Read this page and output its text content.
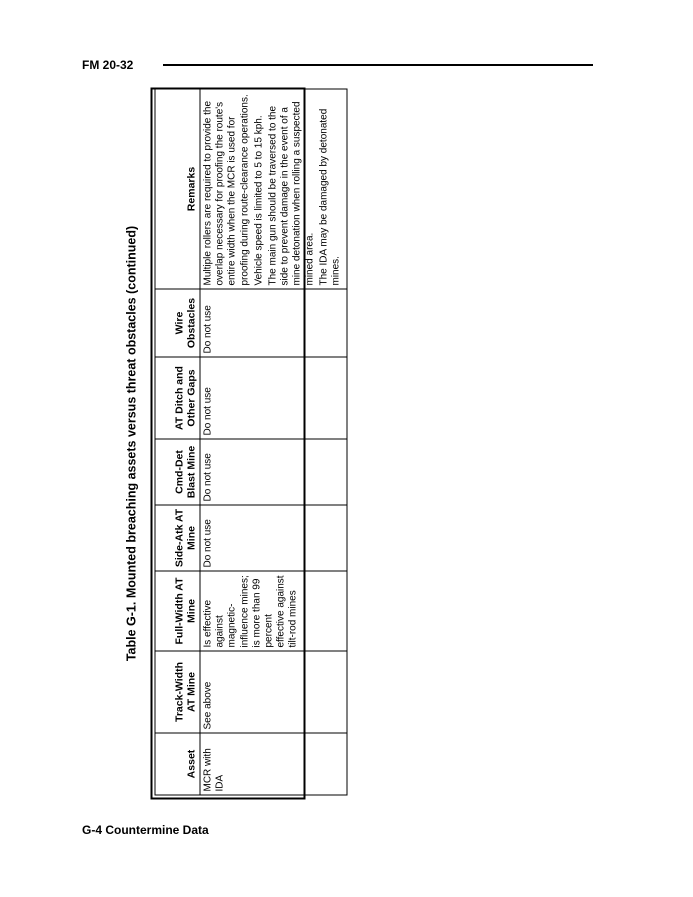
FM 20-32
Table G-1. Mounted breaching assets versus threat obstacles (continued)
Asset	Track-Width AT Mine	Full-Width AT Mine	Side-Atk AT Mine	Cmd-Det Blast Mine	AT Ditch and Other Gaps	Wire Obstacles	Remarks
MCR with IDA	See above	Is effective against magnetic-influence mines; is more than 99 percent effective against tilt-rod mines	Do not use	Do not use	Do not use	Do not use	Multiple rollers are required to provide the overlap necessary for proofing the route's entire width when the MCR is used for proofing during route-clearance operations. Vehicle speed is limited to 5 to 15 kph. The main gun should be traversed to the side to prevent damage in the event of a mine detonation when rolling a suspected mined area. The IDA may be damaged by detonated mines.

G-4 Countermine Data
